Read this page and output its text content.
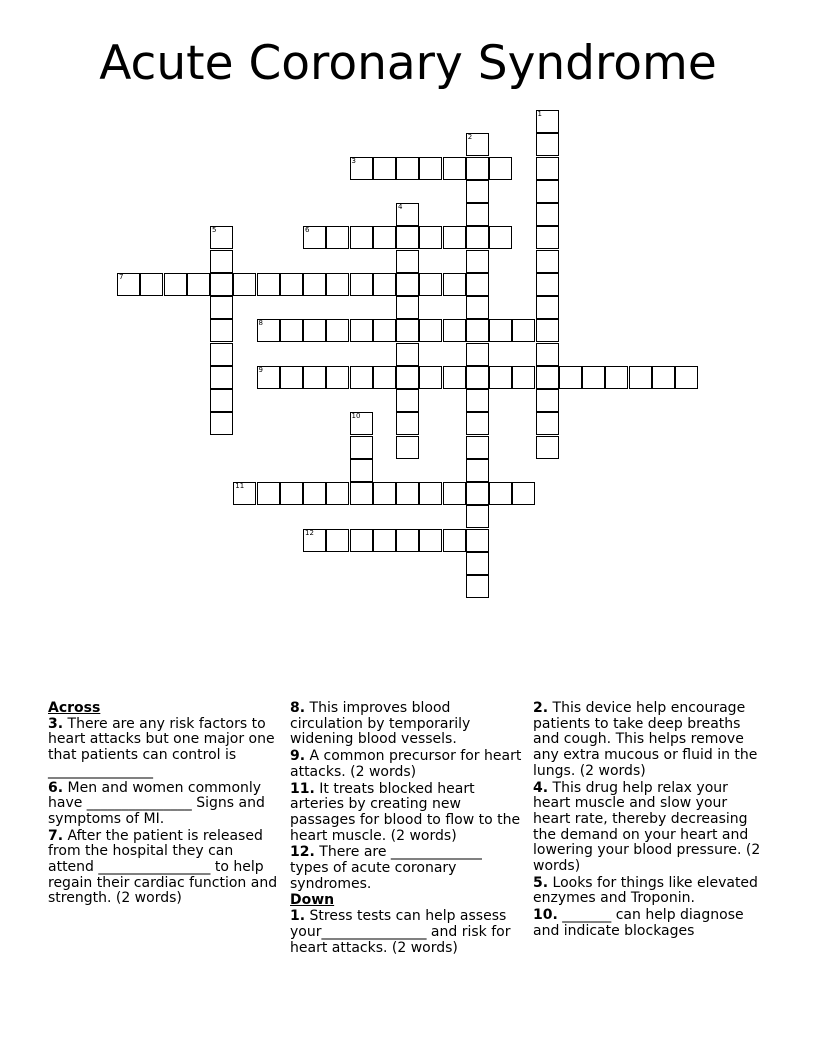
Acute Coronary Syndrome
1
2
3
4
5	6
7
8
9
10
11
12
Across
3. There are any risk factors to heart attacks but one major one that patients can control is _______________
6. Men and women commonly have _______________ Signs and symptoms of MI.
7. After the patient is released from the hospital they can attend ________________ to help regain their cardiac function and strength. (2 words)
8. This improves blood circulation by temporarily widening blood vessels.
9. A common precursor for heart attacks. (2 words)
11. It treats blocked heart arteries by creating new passages for blood to flow to the heart muscle. (2 words)
12. There are _____________ types of acute coronary syndromes.
Down
1. Stress tests can help assess your_______________ and risk for heart attacks. (2 words)
2. This device help encourage patients to take deep breaths and cough. This helps remove any extra mucous or fluid in the lungs. (2 words)
4. This drug help relax your heart muscle and slow your heart rate, thereby decreasing the demand on your heart and lowering your blood pressure. (2 words)
5. Looks for things like elevated enzymes and Troponin.
10. _______ can help diagnose and indicate blockages
